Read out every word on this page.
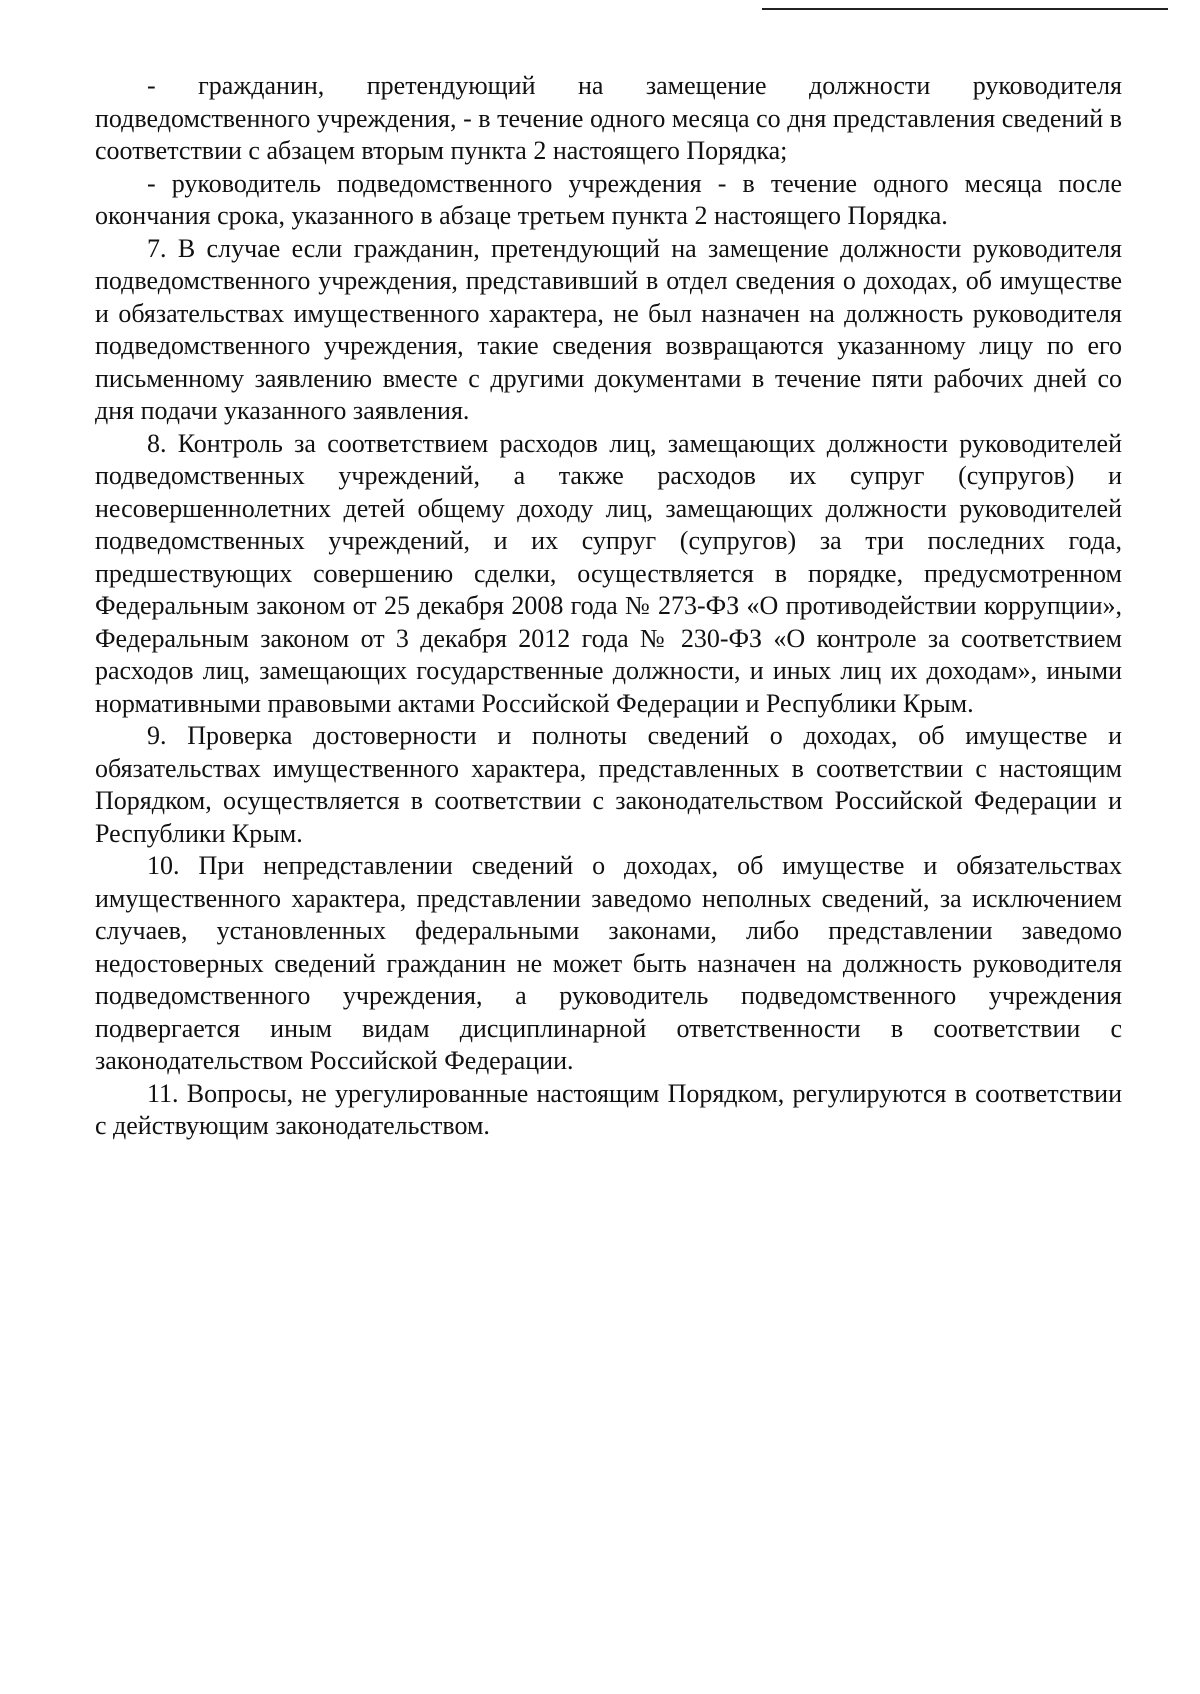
- гражданин, претендующий на замещение должности руководителя подведомственного учреждения, - в течение одного месяца со дня представления сведений в соответствии с абзацем вторым пункта 2 настоящего Порядка;

- руководитель подведомственного учреждения - в течение одного месяца после окончания срока, указанного в абзаце третьем пункта 2 настоящего Порядка.

7. В случае если гражданин, претендующий на замещение должности руководителя подведомственного учреждения, представивший в отдел сведения о доходах, об имуществе и обязательствах имущественного характера, не был назначен на должность руководителя подведомственного учреждения, такие сведения возвращаются указанному лицу по его письменному заявлению вместе с другими документами в течение пяти рабочих дней со дня подачи указанного заявления.

8. Контроль за соответствием расходов лиц, замещающих должности руководителей подведомственных учреждений, а также расходов их супруг (супругов) и несовершеннолетних детей общему доходу лиц, замещающих должности руководителей подведомственных учреждений, и их супруг (супругов) за три последних года, предшествующих совершению сделки, осуществляется в порядке, предусмотренном Федеральным законом от 25 декабря 2008 года № 273-ФЗ «О противодействии коррупции», Федеральным законом от 3 декабря 2012 года № 230-ФЗ «О контроле за соответствием расходов лиц, замещающих государственные должности, и иных лиц их доходам», иными нормативными правовыми актами Российской Федерации и Республики Крым.

9. Проверка достоверности и полноты сведений о доходах, об имуществе и обязательствах имущественного характера, представленных в соответствии с настоящим Порядком, осуществляется в соответствии с законодательством Российской Федерации и Республики Крым.

10. При непредставлении сведений о доходах, об имуществе и обязательствах имущественного характера, представлении заведомо неполных сведений, за исключением случаев, установленных федеральными законами, либо представлении заведомо недостоверных сведений гражданин не может быть назначен на должность руководителя подведомственного учреждения, а руководитель подведомственного учреждения подвергается иным видам дисциплинарной ответственности в соответствии с законодательством Российской Федерации.

11. Вопросы, не урегулированные настоящим Порядком, регулируются в соответствии с действующим законодательством.
